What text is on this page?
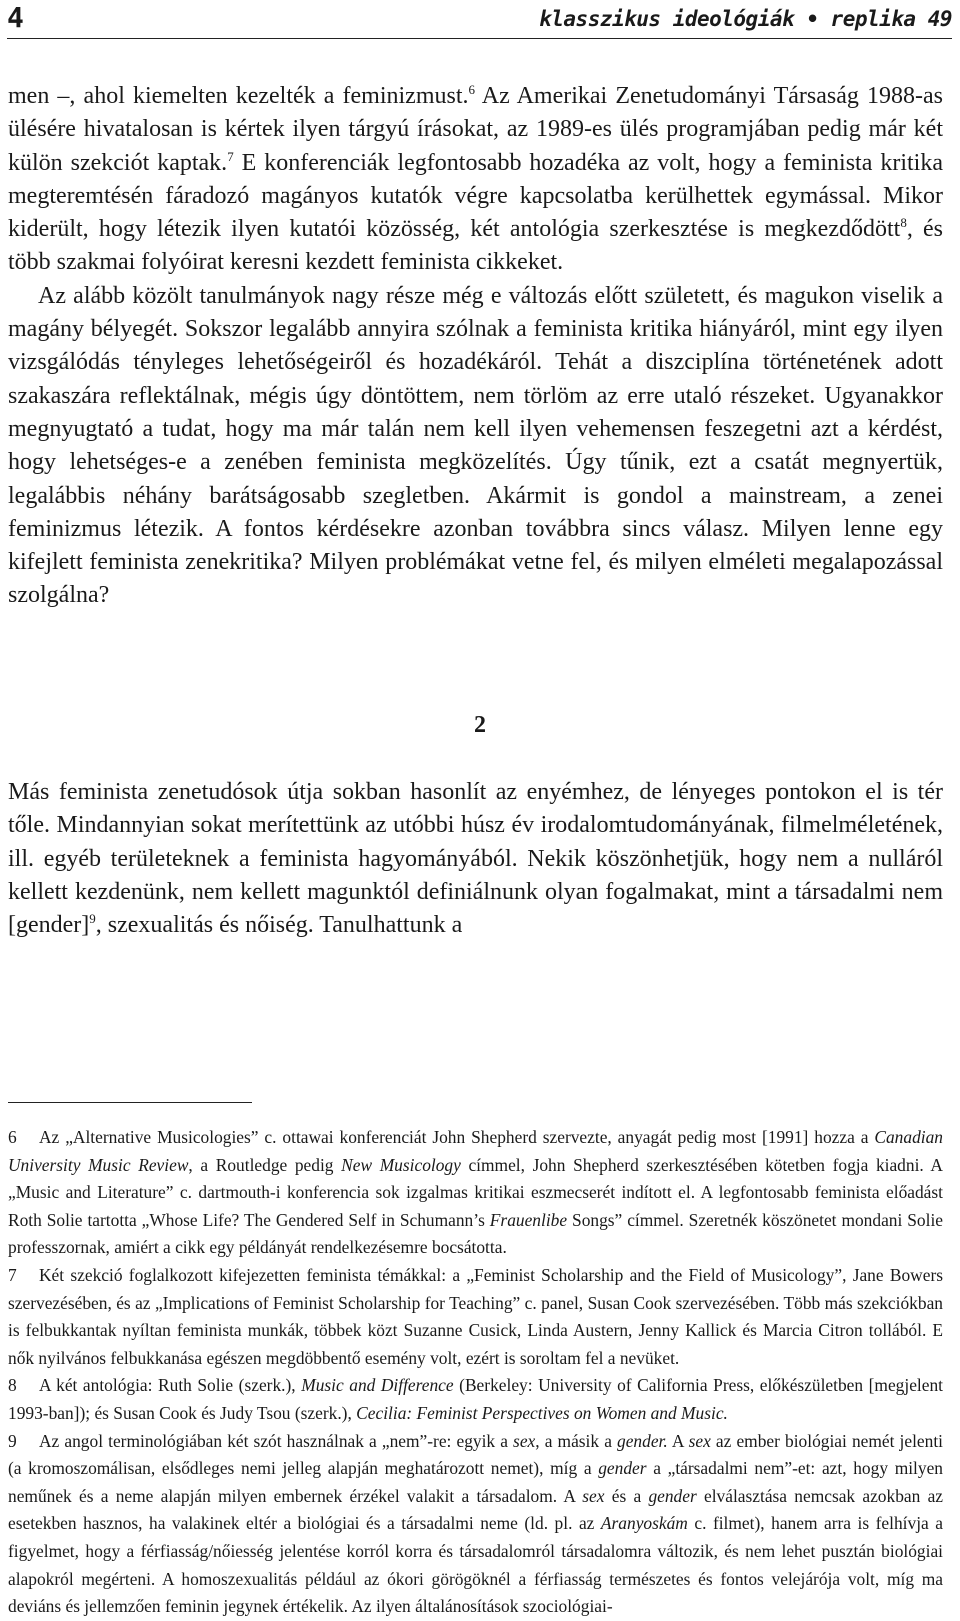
4	klasszikus ideológiák • replika 49

men –, ahol kiemelten kezelték a feminizmust.$^6$ Az Amerikai Zenetudományi Társaság 1988-as ülésére hivatalosan is kértek ilyen tárgyú írásokat, az 1989-es ülés programjában pedig már két külön szekciót kaptak.$^7$ E konferenciák legfontosabb hozadéka az volt, hogy a feminista kritika megteremtésén fáradozó magányos kutatók végre kapcsolatba kerülhettek egymással. Mikor kiderült, hogy létezik ilyen kutatói közösség, két antológia szerkesztése is megkezdődött$^8$, és több szakmai folyóirat keresni kezdett feminista cikkeket.

Az alább közölt tanulmányok nagy része még e változás előtt született, és magukon viselik a magány bélyegét. Sokszor legalább annyira szólnak a feminista kritika hiányáról, mint egy ilyen vizsgálódás tényleges lehetőségeiről és hozadékáról. Tehát a diszciplína történetének adott szakaszára reflektálnak, mégis úgy döntöttem, nem törlöm az erre utaló részeket. Ugyanakkor megnyugtató a tudat, hogy ma már talán nem kell ilyen vehemensen feszegetni azt a kérdést, hogy lehetséges-e a zenében feminista megközelítés. Úgy tűnik, ezt a csatát megnyertük, legalábbis néhány barátságosabb szegletben. Akármit is gondol a mainstream, a zenei feminizmus létezik. A fontos kérdésekre azonban továbbra sincs válasz. Milyen lenne egy kifejlett feminista zenekritika? Milyen problémákat vetne fel, és milyen elméleti megalapozással szolgálna?

2

Más feminista zenetudósok útja sokban hasonlít az enyémhez, de lényeges pontokon el is tér tőle. Mindannyian sokat merítettünk az utóbbi húsz év irodalomtudományának, filmelméletének, ill. egyéb területeknek a feminista hagyományából. Nekik köszönhetjük, hogy nem a nulláról kellett kezdenünk, nem kellett magunktól definiálnunk olyan fogalmakat, mint a társadalmi nem [gender]$^9$, szexualitás és nőiség. Tanulhattunk a

6 Az „Alternative Musicologies” c. ottawai konferenciát John Shepherd szervezte, anyagát pedig most [1991] hozza a Canadian University Music Review, a Routledge pedig New Musicology címmel, John Shepherd szerkesztésében kötetben fogja kiadni. A „Music and Literature” c. dartmouth-i konferencia sok izgalmas kritikai eszmecserét indított el. A legfontosabb feminista előadást Roth Solie tartotta „Whose Life? The Gendered Self in Schumann’s Frauenlibe Songs” címmel. Szeretnék köszönetet mondani Solie professzornak, amiért a cikk egy példányát rendelkezésemre bocsátotta.

7 Két szekció foglalkozott kifejezetten feminista témákkal: a „Feminist Scholarship and the Field of Musicology”, Jane Bowers szervezésében, és az „Implications of Feminist Scholarship for Teaching” c. panel, Susan Cook szervezésében. Több más szekciókban is felbukkantak nyíltan feminista munkák, többek közt Suzanne Cusick, Linda Austern, Jenny Kallick és Marcia Citron tollából. E nők nyilvános felbukkanása egészen megdöbbentő esemény volt, ezért is soroltam fel a nevüket.

8 A két antológia: Ruth Solie (szerk.), Music and Difference (Berkeley: University of California Press, előkészületben [megjelent 1993-ban]); és Susan Cook és Judy Tsou (szerk.), Cecilia: Feminist Perspectives on Women and Music.

9 Az angol terminológiában két szót használnak a „nem”-re: egyik a sex, a másik a gender. A sex az ember biológiai nemét jelenti (a kromoszomálisan, elsődleges nemi jelleg alapján meghatározott nemet), míg a gender a „társadalmi nem”-et: azt, hogy milyen neműnek és a neme alapján milyen embernek érzékel valakit a társadalom. A sex és a gender elválasztása nemcsak azokban az esetekben hasznos, ha valakinek eltér a biológiai és a társadalmi neme (ld. pl. az Aranyoskám c. filmet), hanem arra is felhívja a figyelmet, hogy a férfiasság/nőiesség jelentése korról korra és társadalomról társadalomra változik, és nem lehet pusztán biológiai alapokról megérteni. A homoszexualitás például az ókori görögöknél a férfiasság természetes és fontos velejárója volt, míg ma deviáns és jellemzően feminin jegynek értékelik. Az ilyen általánosítások szociológiai-
